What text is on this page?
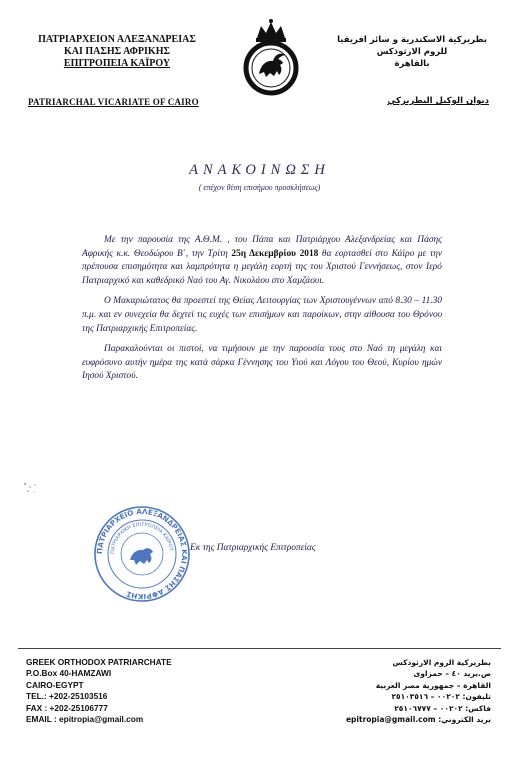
ΠΑΤΡΙΑΡΧΕΙΟΝ ΑΛΕΞΑΝΔΡΕΙΑΣ
ΚΑΙ ΠΑΣΗΣ ΑΦΡΙΚΗΣ
ΕΠΙΤΡΟΠΕΙΑ ΚΑΪΡΟΥ
بطريركية الاسكندرية و سائر افريقيا
للروم الارثوذكس
بالقاهرة
PATRIARCHAL VICARIATE OF CAIRO	ديوان الوكيل البطريركي
ΑΝΑΚΟΙΝΩΣΗ
( επέχον θέση επισήμου προσκλήσεως)

Με την παρουσία της Α.Θ.Μ. , του Πάπα και Πατριάρχου Αλεξανδρείας και Πάσης Αφρικής κ.κ. Θεοδώρου Β΄, την Τρίτη 25η Δεκεμβρίου 2018 θα εορτασθεί στο Κάϊρο με την πρέπουσα επισημότητα και λαμπρότητα η μεγάλη εορτή της του Χριστού Γεννήσεως, στον Ιερό Πατριαρχικό και καθεδρικό Ναό του Αγ. Νικολάου στο Χαμζάουι.

Ο Μακαριώτατος θα προεστεί της Θείας Λειτουργίας των Χριστουγέννων από 8.30 – 11.30 π.μ. και εν συνεχεία θα δεχτεί τις ευχές των επισήμων και παροίκων, στην αίθουσα του Θρόνου της Πατριαρχικής Επιτροπείας.

Παρακαλούνται οι πιστοί, να τιμήσουν με την παρουσία τους στο Ναό τη μεγάλη και ευφρόσυνο αυτήν ημέρα της κατά σάρκα Γέννησης του Υιού και Λόγου του Θεού, Κυρίου ημών Ιησού Χριστού.

ΠΑΤΡΙΑΡΧΕΙΟ ΑΛΕΞΑΝΔΡΕΙΑΣ ΚΑΙ ΠΑΣΗΣ ΑΦΡΙΚΗΣ
ΠΑΤΡΙΑΡΧΙΚΗ ΕΠΙΤΡΟΠΕΙΑ ΚΑΪΡΟΥ Εκ της Πατριαρχικής Επιτροπείας
GREEK ORTHODOX PATRIARCHATE
P.O.Box 40-HAMZAWI
CAIRO-EGYPT
TEL.: +202-25103516
FAX : +202-25106777
EMAIL : epitropia@gmail.com
بطريركية الروم الارثوذكس
ص.بريد ٤٠ – حمزاوى
القاهرة – جمهورية مصر العربية
تليفون: ٠٠٢٠٢ – ٢٥١٠٣٥١٦
فاكس: ٠٠٢٠٢ – ٢٥١٠٦٧٧٧
بريد الكتروني: epitropia@gmail.com
